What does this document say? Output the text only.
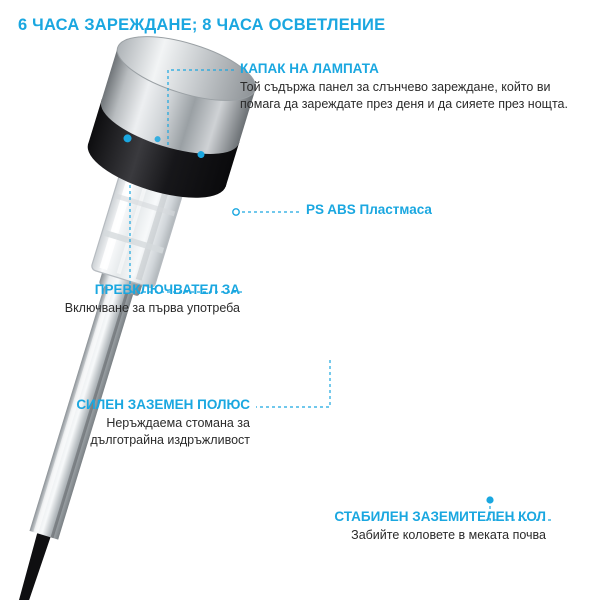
6 ЧАСА ЗАРЕЖДАНЕ; 8 ЧАСА ОСВЕТЛЕНИЕ
КАПАК НА ЛАМПАТА
Той съдържа панел за слънчево зареждане, който ви помага да зареждате през деня и да сияете през нощта.
PS ABS Пластмаса
ПРЕВКЛЮЧВАТЕЛ ЗА
Включване за първа употреба
СИЛЕН ЗАЗЕМЕН ПОЛЮС
Неръждаема стомана за дълготрайна издръжливост
СТАБИЛЕН ЗАЗЕМИТЕЛЕН КОЛ
Забийте коловете в меката почва
